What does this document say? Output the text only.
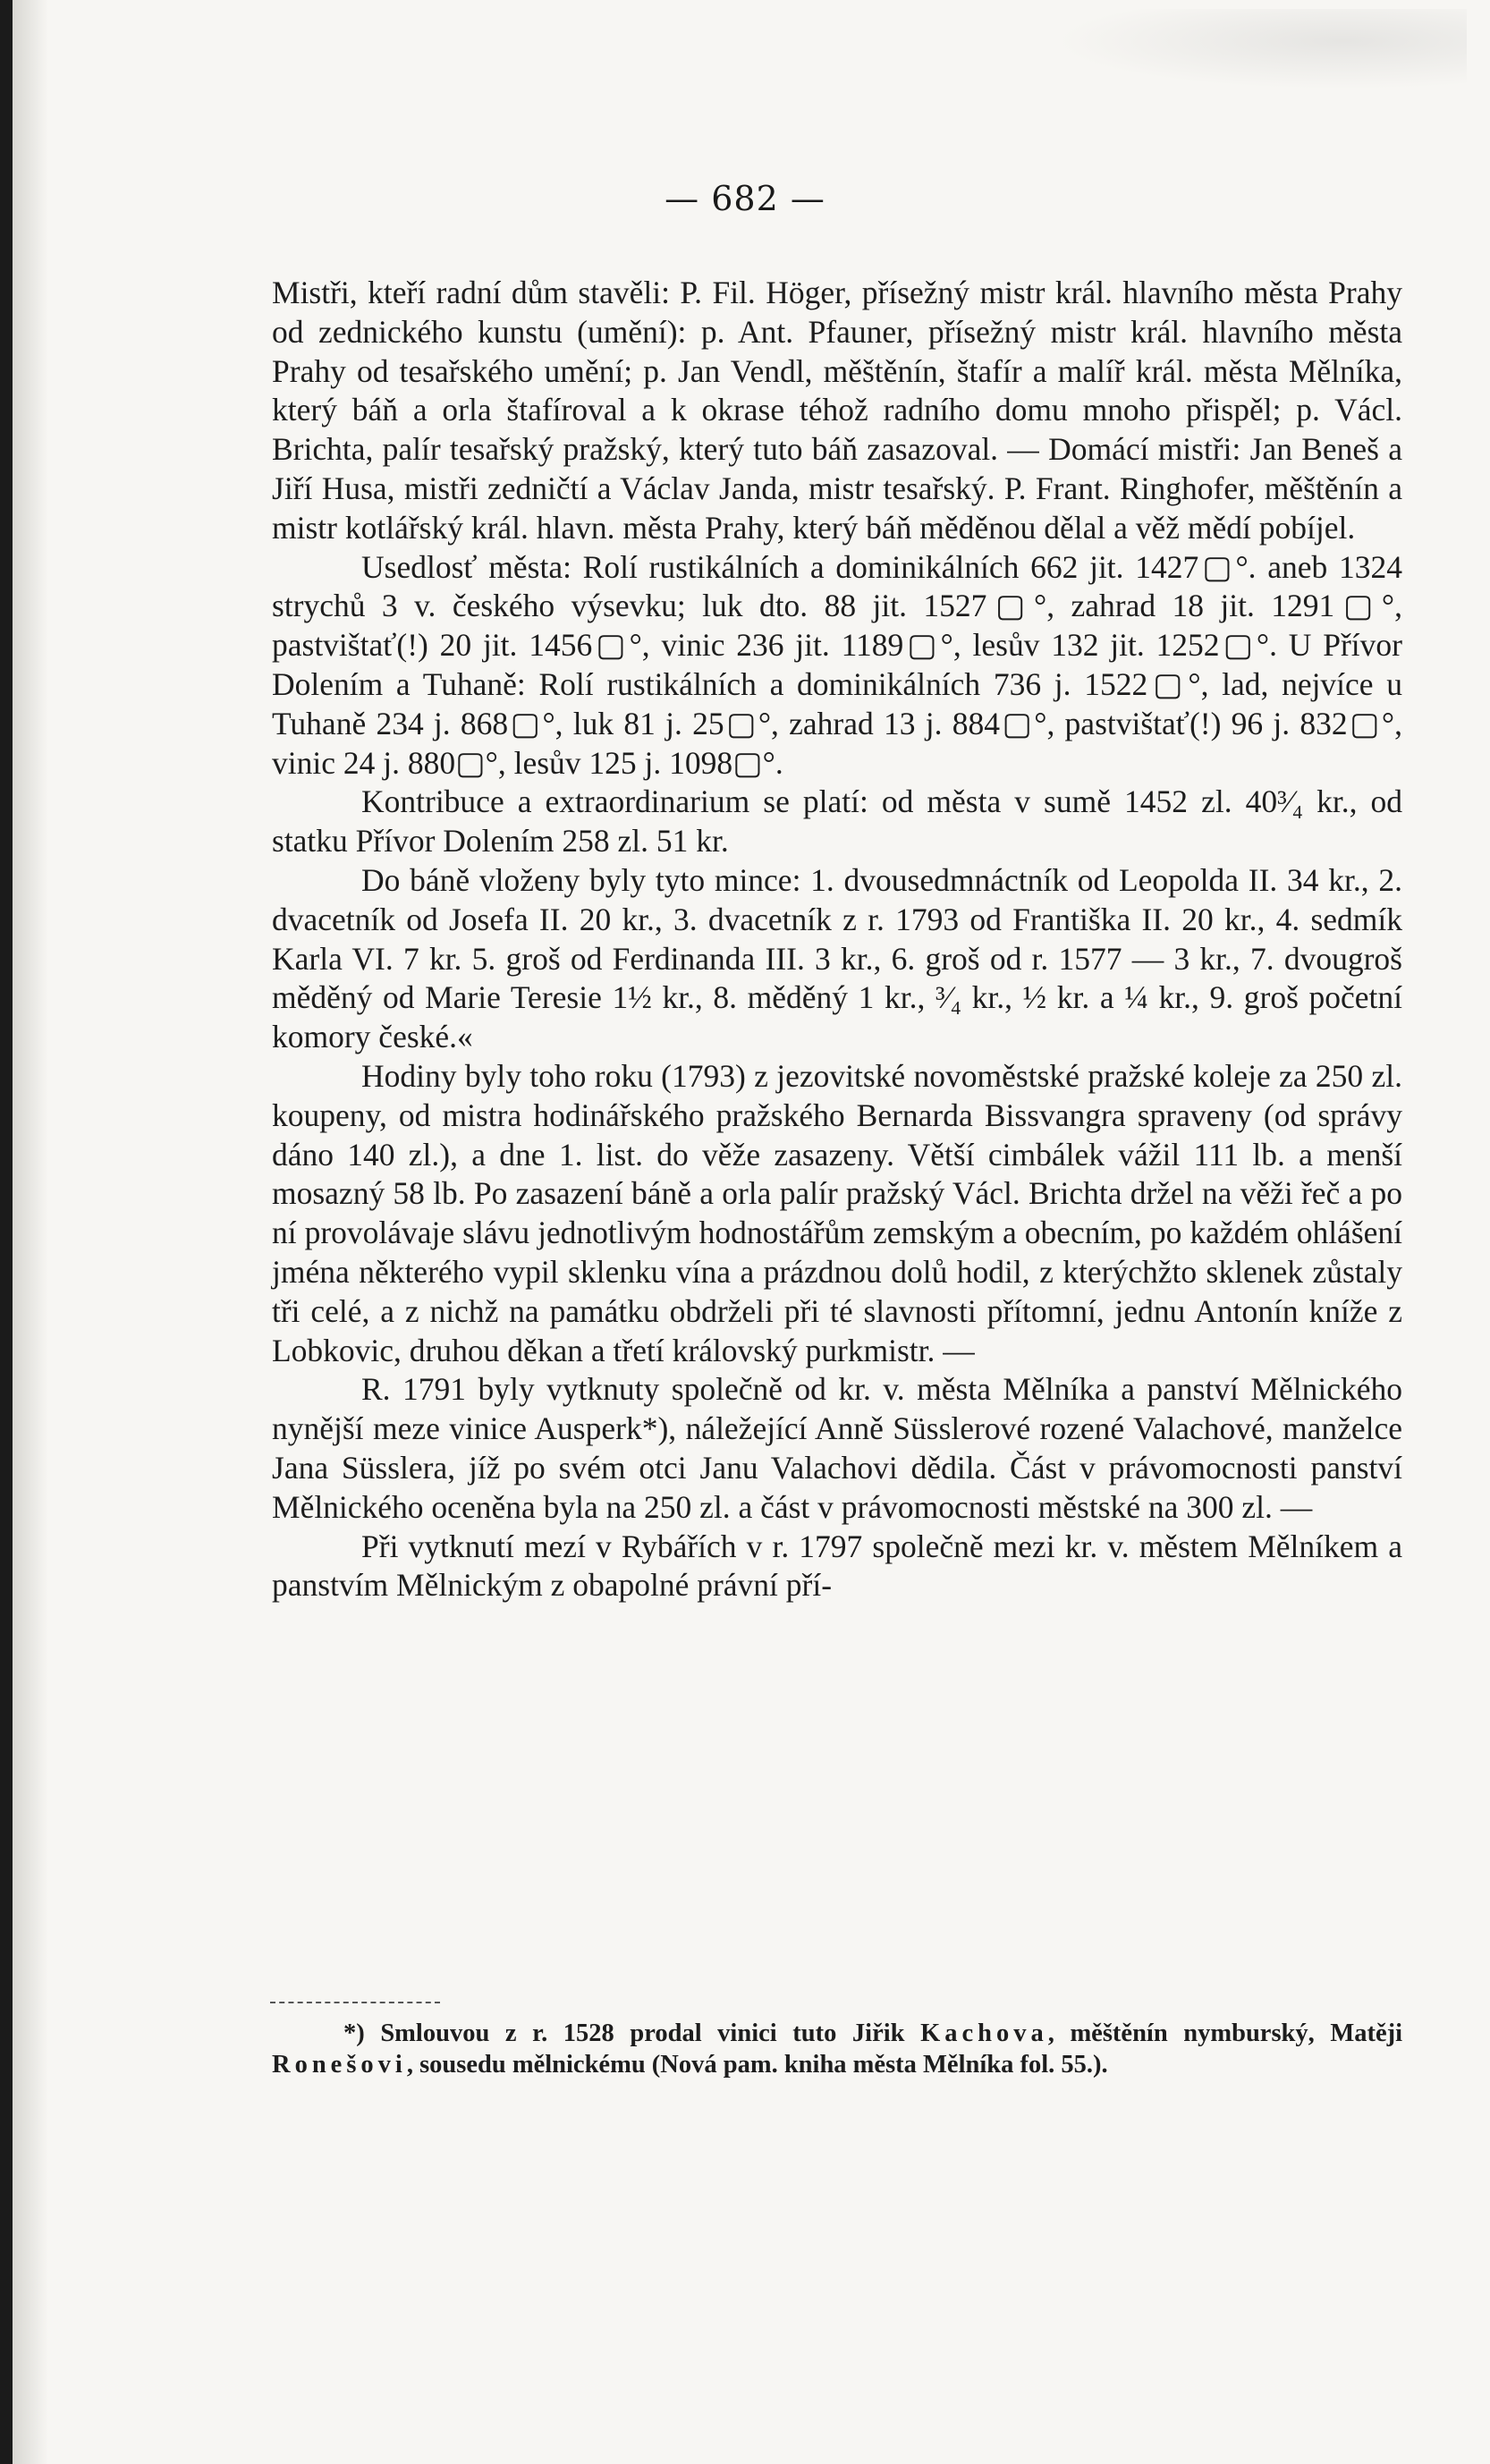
— 682 —

Mistři, kteří radní dům stavěli: P. Fil. Höger, přísežný mistr král. hlavního města Prahy od zednického kunstu (umění): p. Ant. Pfauner, přísežný mistr král. hlavního města Prahy od tesařského umění; p. Jan Vendl, měštěnín, štafír a malíř král. města Mělníka, který báň a orla štafíroval a k okrase téhož radního domu mnoho přispěl; p. Václ. Brichta, palír tesařský pražský, který tuto báň zasazoval. — Domácí mistři: Jan Beneš a Jiří Husa, mistři zedničtí a Václav Janda, mistr tesařský. P. Frant. Ringhofer, měštěnín a mistr kotlářský král. hlavn. města Prahy, který báň měděnou dělal a věž mědí pobíjel.

Usedlosť města: Rolí rustikálních a dominikálních 662 jit. 1427▢°. aneb 1324 strychů 3 v. českého výsevku; luk dto. 88 jit. 1527▢°, zahrad 18 jit. 1291▢°, pastvištať(!) 20 jit. 1456▢°, vinic 236 jit. 1189▢°, lesův 132 jit. 1252▢°. U Přívor Dolením a Tuhaně: Rolí rustikálních a dominikálních 736 j. 1522▢°, lad, nejvíce u Tuhaně 234 j. 868▢°, luk 81 j. 25▢°, zahrad 13 j. 884▢°, pastvištať(!) 96 j. 832▢°, vinic 24 j. 880▢°, lesův 125 j. 1098▢°.

Kontribuce a extraordinarium se platí: od města v sumě 1452 zl. 40³⁄₄ kr., od statku Přívor Dolením 258 zl. 51 kr.

Do báně vloženy byly tyto mince: 1. dvousedmnáctník od Leopolda II. 34 kr., 2. dvacetník od Josefa II. 20 kr., 3. dvacetník z r. 1793 od Františka II. 20 kr., 4. sedmík Karla VI. 7 kr. 5. groš od Ferdinanda III. 3 kr., 6. groš od r. 1577 — 3 kr., 7. dvougroš měděný od Marie Teresie 1½ kr., 8. měděný 1 kr., ³⁄₄ kr., ½ kr. a ¼ kr., 9. groš početní komory české.«

Hodiny byly toho roku (1793) z jezovitské novoměstské pražské koleje za 250 zl. koupeny, od mistra hodinářského pražského Bernarda Bissvangra spraveny (od správy dáno 140 zl.), a dne 1. list. do věže zasazeny. Větší cimbálek vážil 111 lb. a menší mosazný 58 lb. Po zasazení báně a orla palír pražský Václ. Brichta držel na věži řeč a po ní provolávaje slávu jednotlivým hodnostářům zemským a obecním, po každém ohlášení jména některého vypil sklenku vína a prázdnou dolů hodil, z kterýchžto sklenek zůstaly tři celé, a z nichž na památku obdrželi při té slavnosti přítomní, jednu Antonín kníže z Lobkovic, druhou děkan a třetí královský purkmistr. —

R. 1791 byly vytknuty společně od kr. v. města Mělníka a panství Mělnického nynější meze vinice Ausperk*), náležející Anně Süsslerové rozené Valachové, manželce Jana Süsslera, jíž po svém otci Janu Valachovi dědila. Část v právomocnosti panství Mělnického oceněna byla na 250 zl. a část v právomocnosti městské na 300 zl. —

Při vytknutí mezí v Rybářích v r. 1797 společně mezi kr. v. městem Mělníkem a panstvím Mělnickým z obapolné právní pří-

*) Smlouvou z r. 1528 prodal vinici tuto Jiřik Kachova, měštěnín nymburský, Matěji Ronešovi, sousedu mělnickému (Nová pam. kniha města Mělníka fol. 55.).
